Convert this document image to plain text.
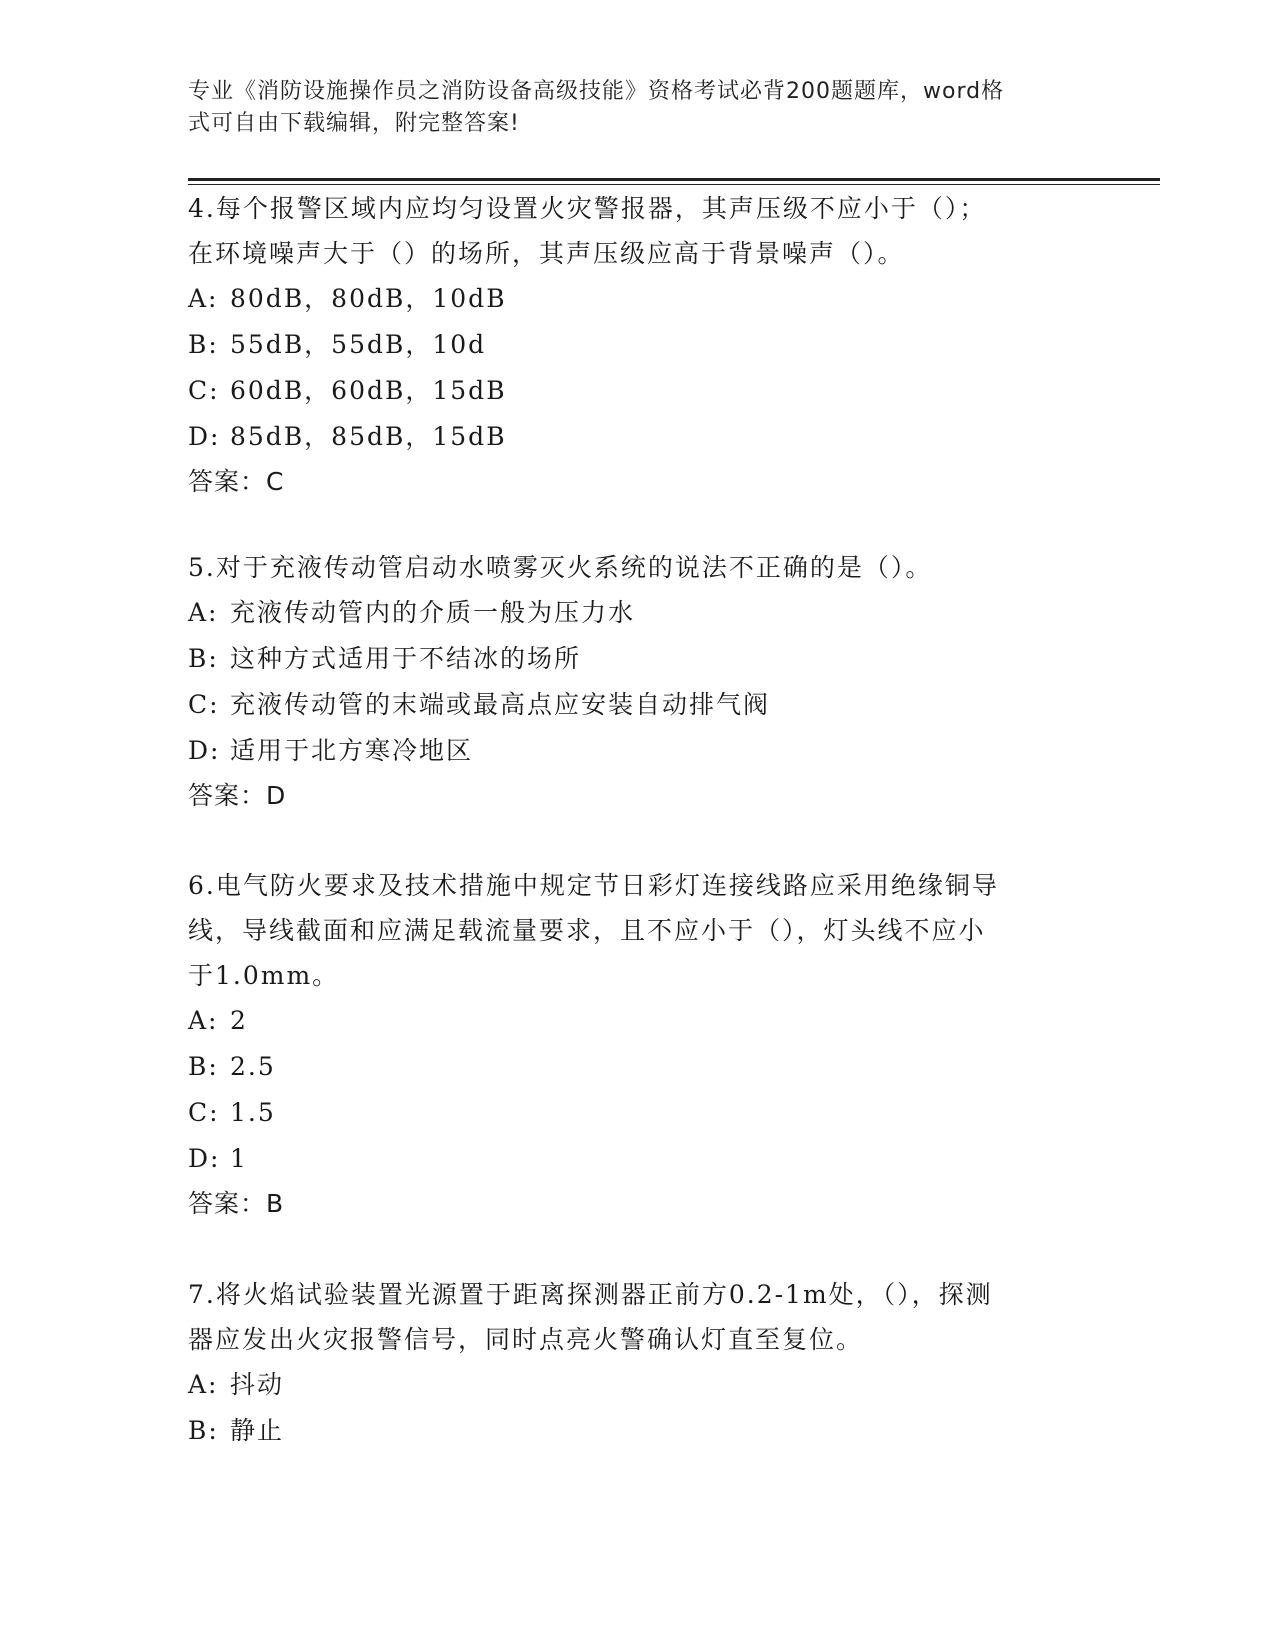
专业《消防设施操作员之消防设备高级技能》资格考试必背200题题库，word格
式可自由下载编辑，附完整答案!

4.每个报警区域内应均匀设置火灾警报器，其声压级不应小于（）；

在环境噪声大于（）的场所，其声压级应高于背景噪声（）。

A: 80dB，80dB，10dB

B: 55dB，55dB，10d

C: 60dB，60dB，15dB

D: 85dB，85dB，15dB

答案：C

5.对于充液传动管启动水喷雾灭火系统的说法不正确的是（）。

A: 充液传动管内的介质一般为压力水

B: 这种方式适用于不结冰的场所

C: 充液传动管的末端或最高点应安装自动排气阀

D: 适用于北方寒冷地区

答案：D

6.电气防火要求及技术措施中规定节日彩灯连接线路应采用绝缘铜导

线，导线截面和应满足载流量要求，且不应小于（），灯头线不应小

于1.0mm。

A: 2

B: 2.5

C: 1.5

D: 1

答案：B

7.将火焰试验装置光源置于距离探测器正前方0.2-1m处，（），探测

器应发出火灾报警信号，同时点亮火警确认灯直至复位。

A: 抖动

B: 静止
